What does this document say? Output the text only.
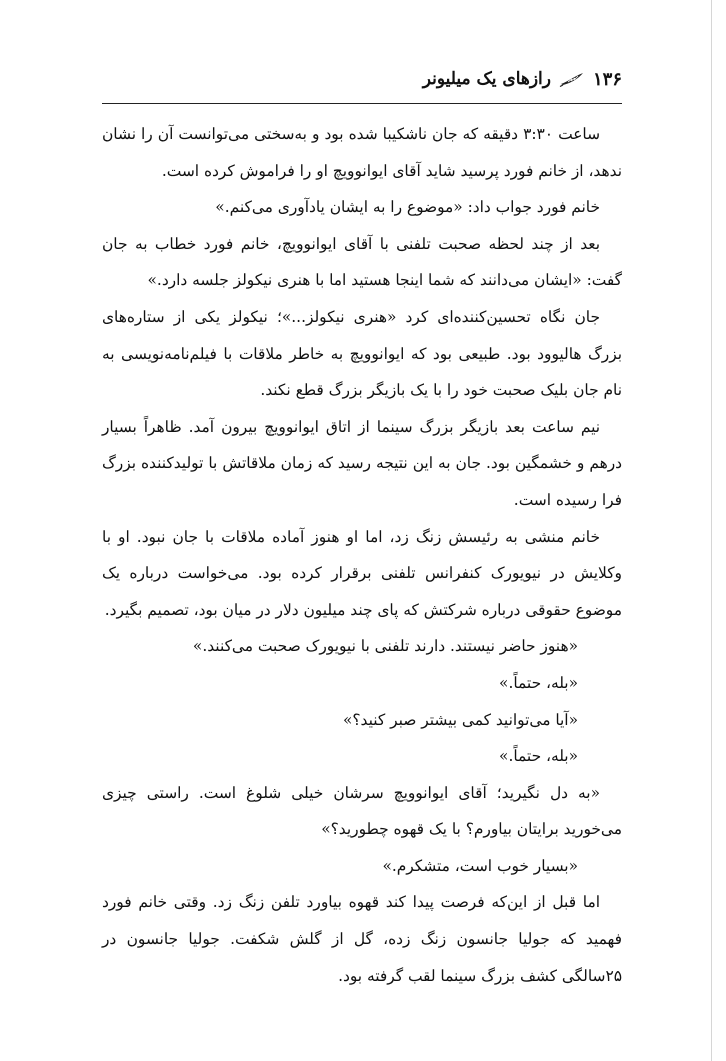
۱۳۶
رازهای یک میلیونر

ساعت ۳:۳۰ دقیقه که جان ناشکیبا شده بود و به‌سختی می‌توانست آن را نشان ندهد، از خانم فورد پرسید شاید آقای ایوانوویچ او را فراموش کرده است.

خانم فورد جواب داد: «موضوع را به ایشان یادآوری می‌کنم.»

بعد از چند لحظه صحبت تلفنی با آقای ایوانوویچ، خانم فورد خطاب به جان گفت: «ایشان می‌دانند که شما اینجا هستید اما با هنری نیکولز جلسه دارد.»

جان نگاه تحسین‌کننده‌ای کرد «هنری نیکولز...»؛ نیکولز یکی از ستاره‌های بزرگ هالیوود بود. طبیعی بود که ایوانوویچ به خاطر ملاقات با فیلم‌نامه‌نویسی به نام جان بلیک صحبت خود را با یک بازیگر بزرگ قطع نکند.

نیم ساعت بعد بازیگر بزرگ سینما از اتاق ایوانوویچ بیرون آمد. ظاهراً بسیار درهم و خشمگین بود. جان به این نتیجه رسید که زمان ملاقاتش با تولیدکننده بزرگ فرا رسیده است.

خانم منشی به رئیسش زنگ زد، اما او هنوز آماده ملاقات با جان نبود. او با وکلایش در نیویورک کنفرانس تلفنی برقرار کرده بود. می‌خواست درباره یک موضوع حقوقی درباره شرکتش که پای چند میلیون دلار در میان بود، تصمیم بگیرد.

«هنوز حاضر نیستند. دارند تلفنی با نیویورک صحبت می‌کنند.»

«بله، حتماً.»

«آیا می‌توانید کمی بیشتر صبر کنید؟»

«بله، حتماً.»

«به دل نگیرید؛ آقای ایوانوویچ سرشان خیلی شلوغ است. راستی چیزی می‌خورید برایتان بیاورم؟ با یک قهوه چطورید؟»

«بسیار خوب است، متشکرم.»

اما قبل از این‌که فرصت پیدا کند قهوه بیاورد تلفن زنگ زد. وقتی خانم فورد فهمید که جولیا جانسون زنگ زده، گل از گلش شکفت. جولیا جانسون در ۲۵سالگی کشف بزرگ سینما لقب گرفته بود.
